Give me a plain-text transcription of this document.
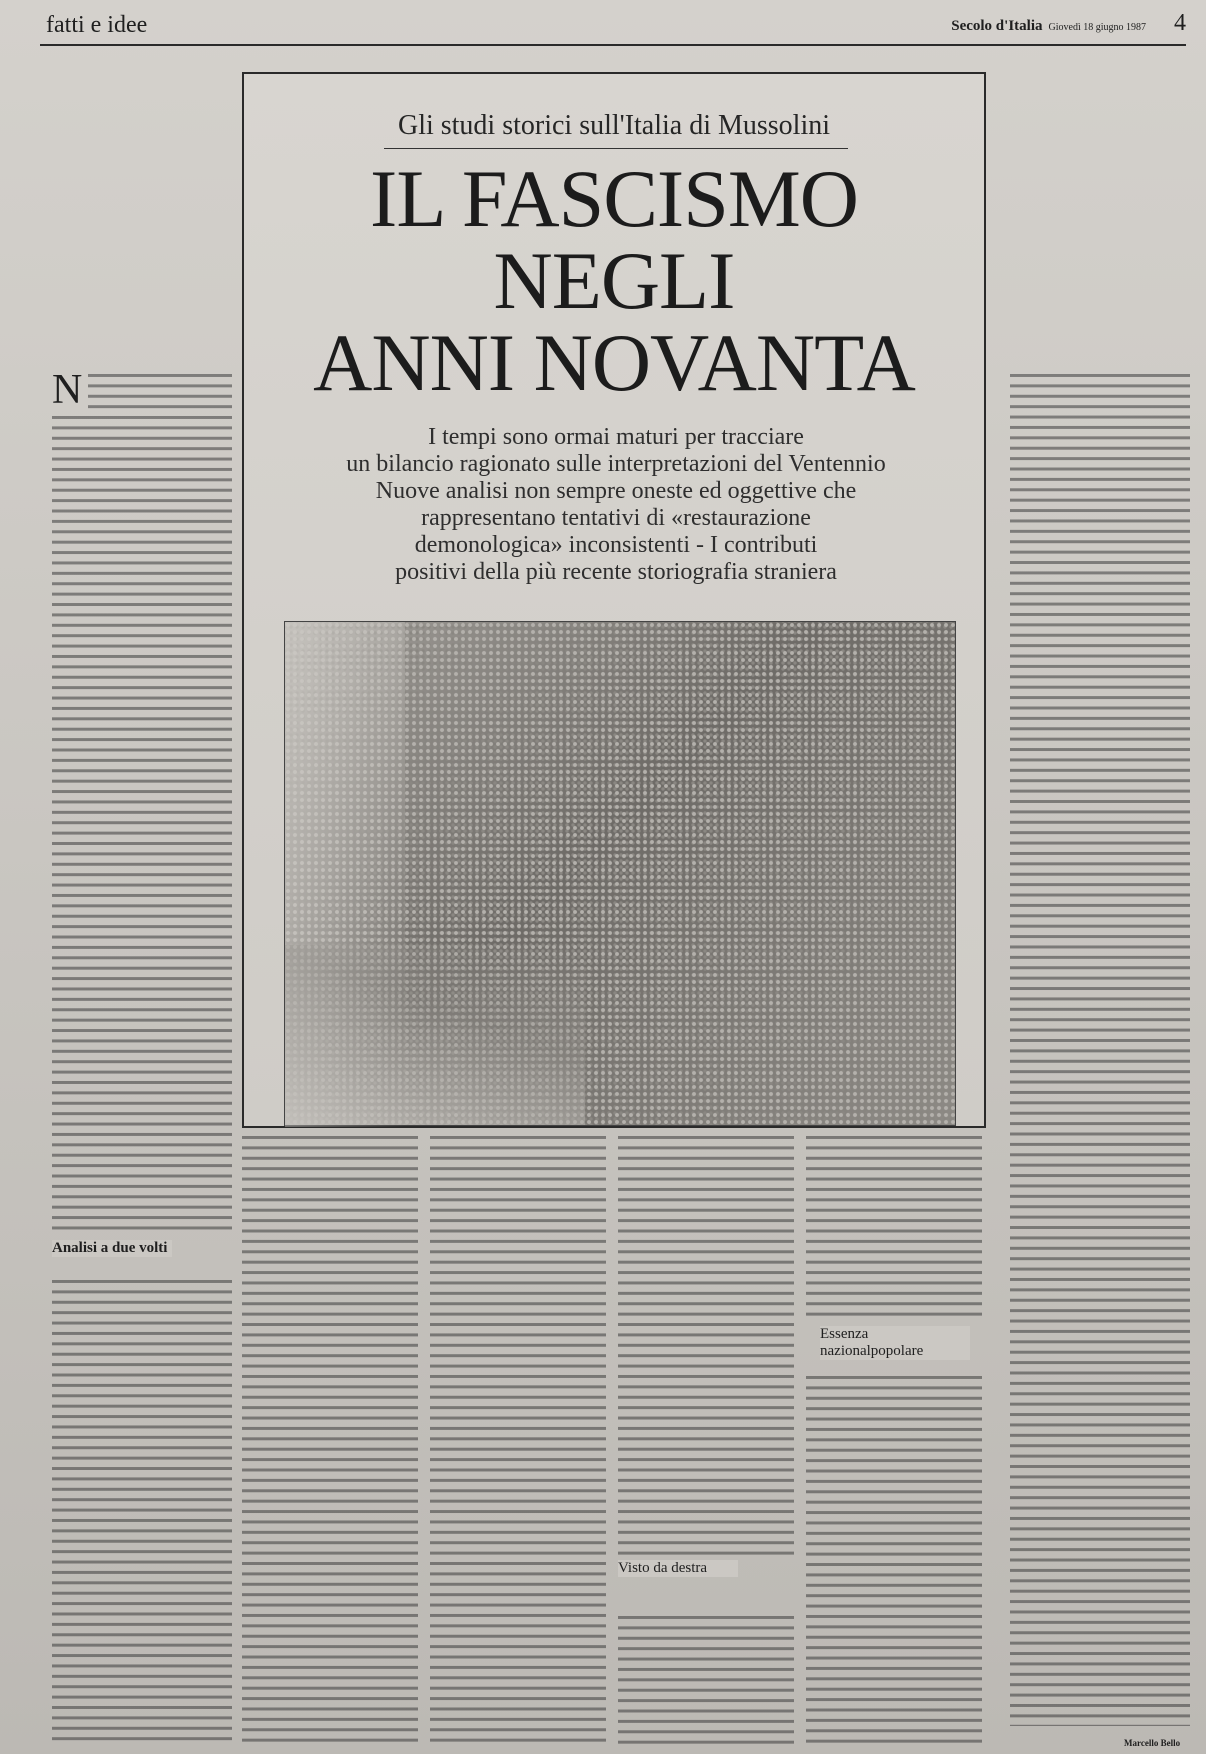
fatti e idee	Secolo d'Italia Giovedì 18 giugno 1987 4
N
Analisi a due volti
Gli studi storici sull'Italia di Mussolini
IL FASCISMO
NEGLI
ANNI NOVANTA
I tempi sono ormai maturi per tracciare
un bilancio ragionato sulle interpretazioni del Ventennio
Nuove analisi non sempre oneste ed oggettive che
rappresentano tentativi di «restaurazione
demonologica» inconsistenti - I contributi
positivi della più recente storiografia straniera
Visto da destra
Essenza nazionalpopolare
Marcello Bello
